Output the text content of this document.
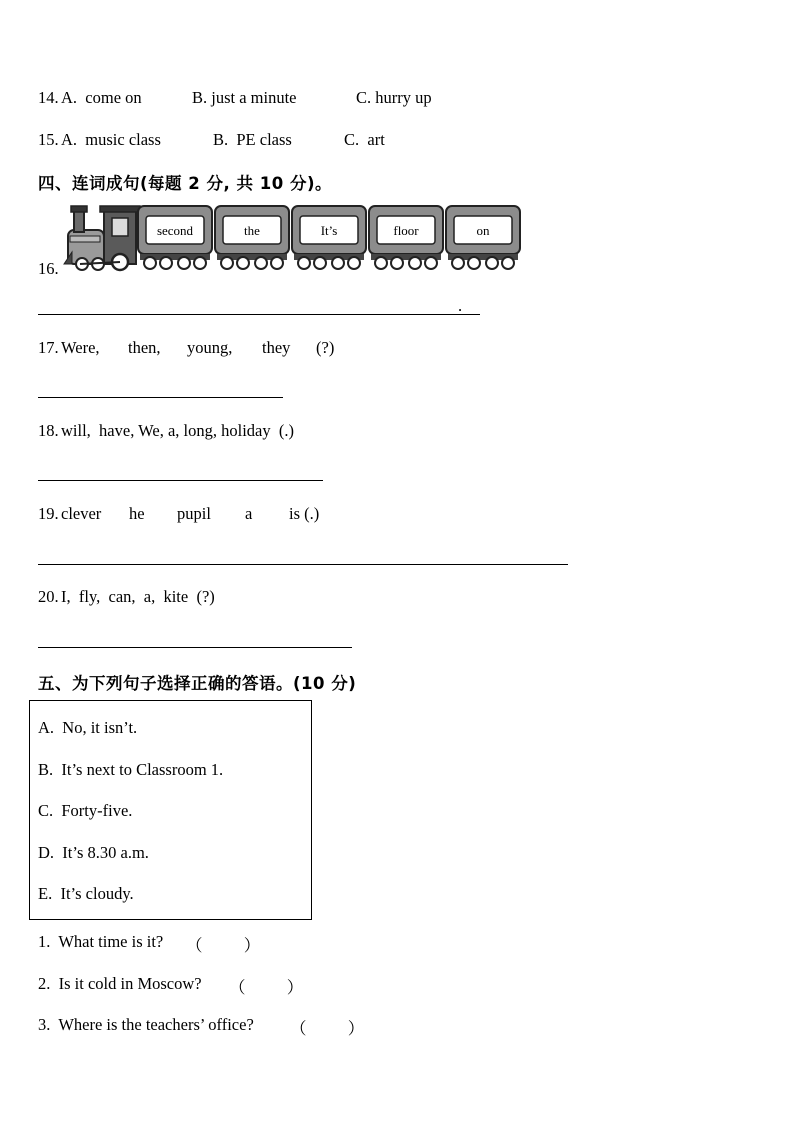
14. A.  come on	B. just a minute	C. hurry up
15. A.  music class	B.  PE class	C.  art
四、连词成句(每题 2 分, 共 10 分)。
16.
second	the	It’s	floor	on
.
17. Were, then, young, they (?)
18. will,  have, We, a, long, holiday  (.)
19. clever he pupil a is (.)
20. I,  fly,  can,  a,  kite  (?)
五、为下列句子选择正确的答语。(10 分)
A.  No, it isn’t.
B.  It’s next to Classroom 1.
C.  Forty-five.
D.  It’s 8.30 a.m.
E.  It’s cloudy.
1.  What time is it? （          ）
2.  Is it cold in Moscow? （          ）
3.  Where is the teachers’ office? （          ）
